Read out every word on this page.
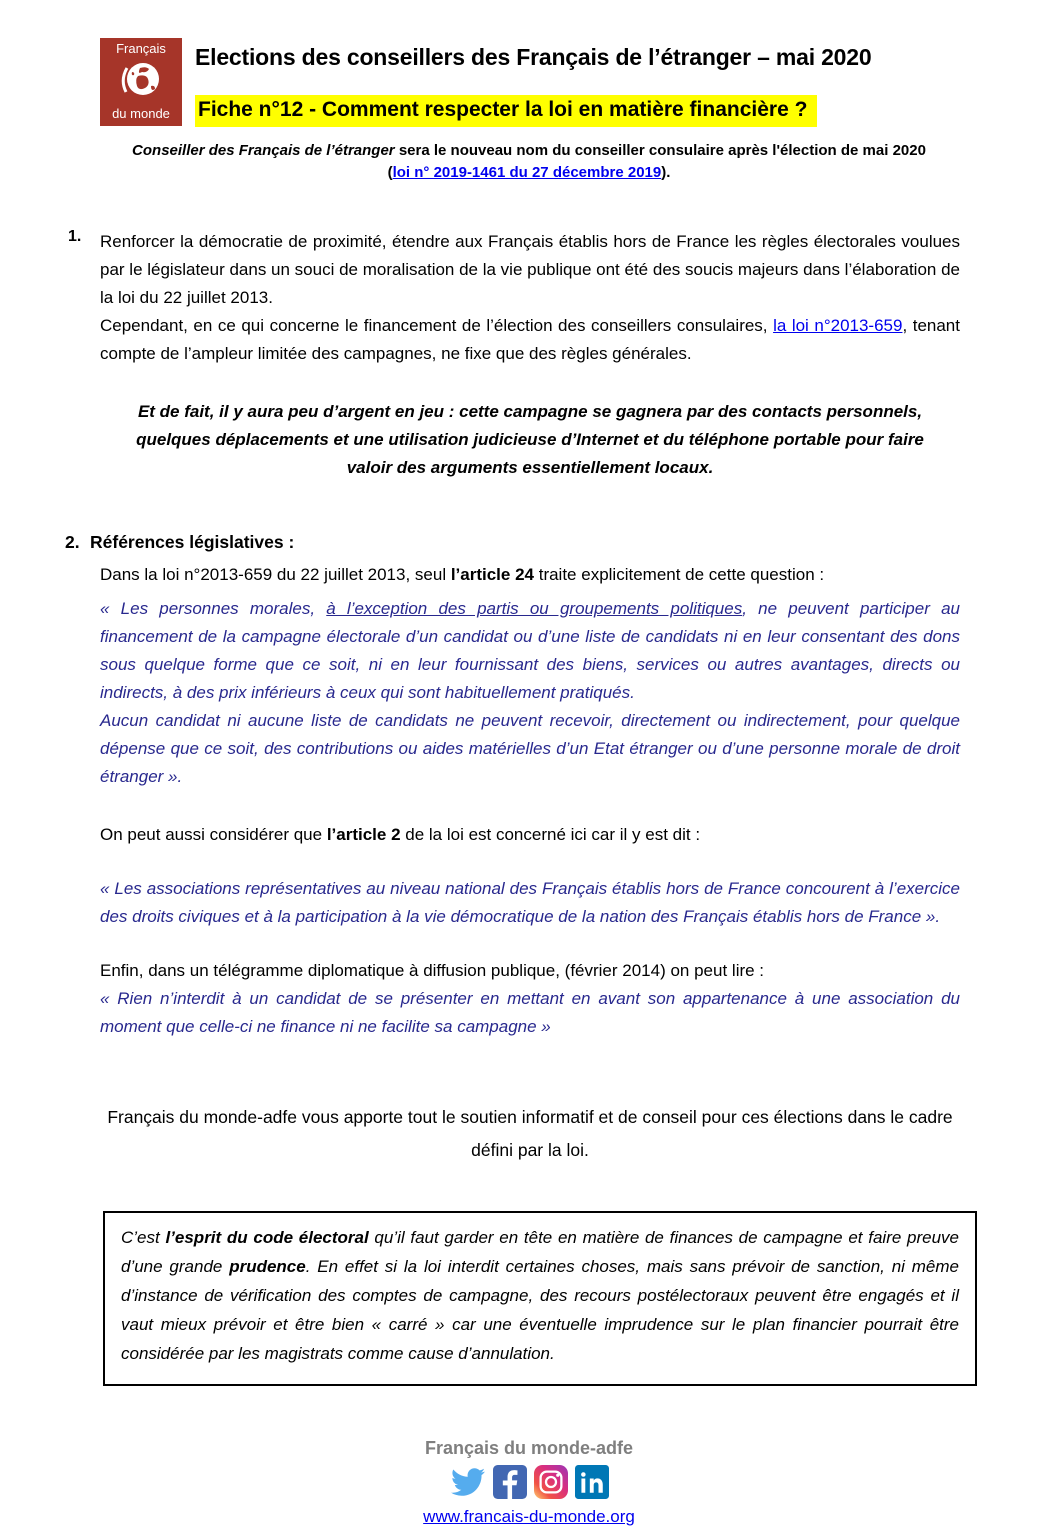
Français
du monde
Elections des conseillers des Français de l’étranger – mai 2020
Fiche n°12 - Comment respecter la loi en matière financière ?
Conseiller des Français de l’étranger sera le nouveau nom du conseiller consulaire après l'élection de mai 2020
(loi n° 2019-1461 du 27 décembre 2019).
1. Renforcer la démocratie de proximité, étendre aux Français établis hors de France les règles électorales voulues par le législateur dans un souci de moralisation de la vie publique ont été des soucis majeurs dans l’élaboration de la loi du 22 juillet 2013.

Cependant, en ce qui concerne le financement de l’élection des conseillers consulaires, la loi n°2013-659, tenant compte de l’ampleur limitée des campagnes, ne fixe que des règles générales.

Et de fait, il y aura peu d’argent en jeu : cette campagne se gagnera par des contacts personnels, quelques déplacements et une utilisation judicieuse d’Internet et du téléphone portable pour faire valoir des arguments essentiellement locaux.

2. Références législatives :

Dans la loi n°2013-659 du 22 juillet 2013, seul l’article 24 traite explicitement de cette question :

« Les personnes morales, à l’exception des partis ou groupements politiques, ne peuvent participer au financement de la campagne électorale d’un candidat ou d’une liste de candidats ni en leur consentant des dons sous quelque forme que ce soit, ni en leur fournissant des biens, services ou autres avantages, directs ou indirects, à des prix inférieurs à ceux qui sont habituellement pratiqués.

Aucun candidat ni aucune liste de candidats ne peuvent recevoir, directement ou indirectement, pour quelque dépense que ce soit, des contributions ou aides matérielles d’un Etat étranger ou d’une personne morale de droit étranger ».

On peut aussi considérer que l’article 2 de la loi est concerné ici car il y est dit :

« Les associations représentatives au niveau national des Français établis hors de France concourent à l’exercice des droits civiques et à la participation à la vie démocratique de la nation des Français établis hors de France ».

Enfin, dans un télégramme diplomatique à diffusion publique, (février 2014) on peut lire :

« Rien n’interdit à un candidat de se présenter en mettant en avant son appartenance à une association du moment que celle-ci ne finance ni ne facilite sa campagne »

Français du monde-adfe vous apporte tout le soutien informatif et de conseil pour ces élections dans le cadre défini par la loi.

C’est l’esprit du code électoral qu’il faut garder en tête en matière de finances de campagne et faire preuve d’une grande prudence. En effet si la loi interdit certaines choses, mais sans prévoir de sanction, ni même d’instance de vérification des comptes de campagne, des recours postélectoraux peuvent être engagés et il vaut mieux prévoir et être bien « carré » car une éventuelle imprudence sur le plan financier pourrait être considérée par les magistrats comme cause d’annulation.
Français du monde-adfe
www.francais-du-monde.org
